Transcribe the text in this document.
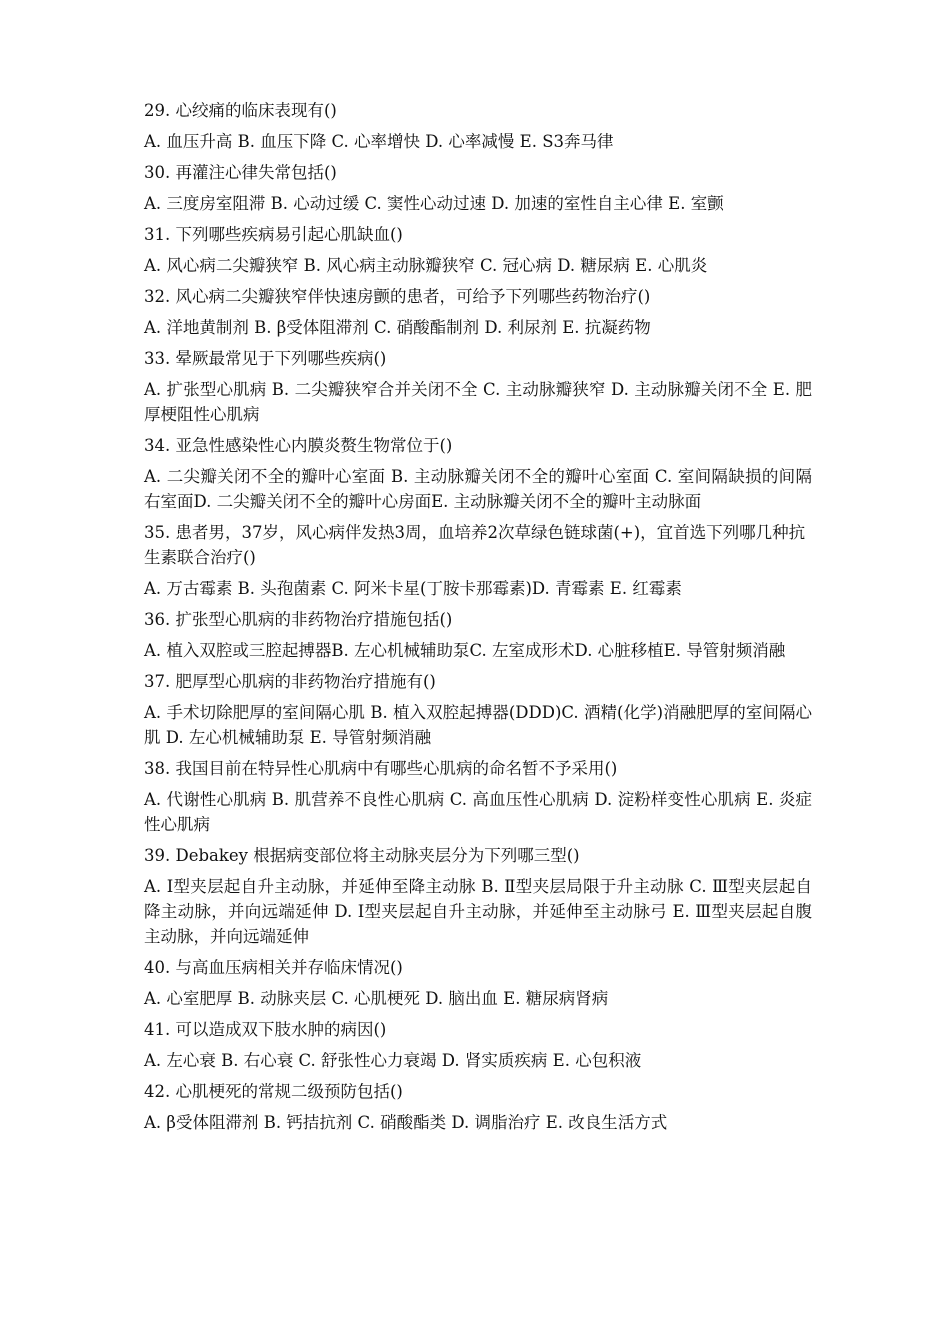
29. 心绞痛的临床表现有()

A. 血压升高 B. 血压下降 C. 心率增快 D. 心率减慢 E. S3奔马律

30. 再灌注心律失常包括()

A. 三度房室阻滞 B. 心动过缓 C. 窦性心动过速 D. 加速的室性自主心律 E. 室颤

31. 下列哪些疾病易引起心肌缺血()

A. 风心病二尖瓣狭窄 B. 风心病主动脉瓣狭窄 C. 冠心病 D. 糖尿病 E. 心肌炎

32. 风心病二尖瓣狭窄伴快速房颤的患者，可给予下列哪些药物治疗()

A. 洋地黄制剂 B. β受体阻滞剂 C. 硝酸酯制剂 D. 利尿剂 E. 抗凝药物

33. 晕厥最常见于下列哪些疾病()

A. 扩张型心肌病 B. 二尖瓣狭窄合并关闭不全 C. 主动脉瓣狭窄 D. 主动脉瓣关闭不全 E. 肥厚梗阻性心肌病

34. 亚急性感染性心内膜炎赘生物常位于()

A. 二尖瓣关闭不全的瓣叶心室面 B. 主动脉瓣关闭不全的瓣叶心室面 C. 室间隔缺损的间隔右室面D. 二尖瓣关闭不全的瓣叶心房面E. 主动脉瓣关闭不全的瓣叶主动脉面

35. 患者男，37岁，风心病伴发热3周，血培养2次草绿色链球菌(+)，宜首选下列哪几种抗生素联合治疗()

A. 万古霉素 B. 头孢菌素 C. 阿米卡星(丁胺卡那霉素)D. 青霉素 E. 红霉素

36. 扩张型心肌病的非药物治疗措施包括()

A. 植入双腔或三腔起搏器B. 左心机械辅助泵C. 左室成形术D. 心脏移植E. 导管射频消融

37. 肥厚型心肌病的非药物治疗措施有()

A. 手术切除肥厚的室间隔心肌 B. 植入双腔起搏器(DDD)C. 酒精(化学)消融肥厚的室间隔心肌 D. 左心机械辅助泵 E. 导管射频消融

38. 我国目前在特异性心肌病中有哪些心肌病的命名暂不予采用()

A. 代谢性心肌病 B. 肌营养不良性心肌病 C. 高血压性心肌病 D. 淀粉样变性心肌病 E. 炎症性心肌病

39. Debakey 根据病变部位将主动脉夹层分为下列哪三型()

A. Ⅰ型夹层起自升主动脉，并延伸至降主动脉 B. Ⅱ型夹层局限于升主动脉 C. Ⅲ型夹层起自降主动脉，并向远端延伸 D. Ⅰ型夹层起自升主动脉，并延伸至主动脉弓 E. Ⅲ型夹层起自腹主动脉，并向远端延伸

40. 与高血压病相关并存临床情况()

A. 心室肥厚 B. 动脉夹层 C. 心肌梗死 D. 脑出血 E. 糖尿病肾病

41. 可以造成双下肢水肿的病因()

A. 左心衰 B. 右心衰 C. 舒张性心力衰竭 D. 肾实质疾病 E. 心包积液

42. 心肌梗死的常规二级预防包括()

A. β受体阻滞剂 B. 钙拮抗剂 C. 硝酸酯类 D. 调脂治疗 E. 改良生活方式
